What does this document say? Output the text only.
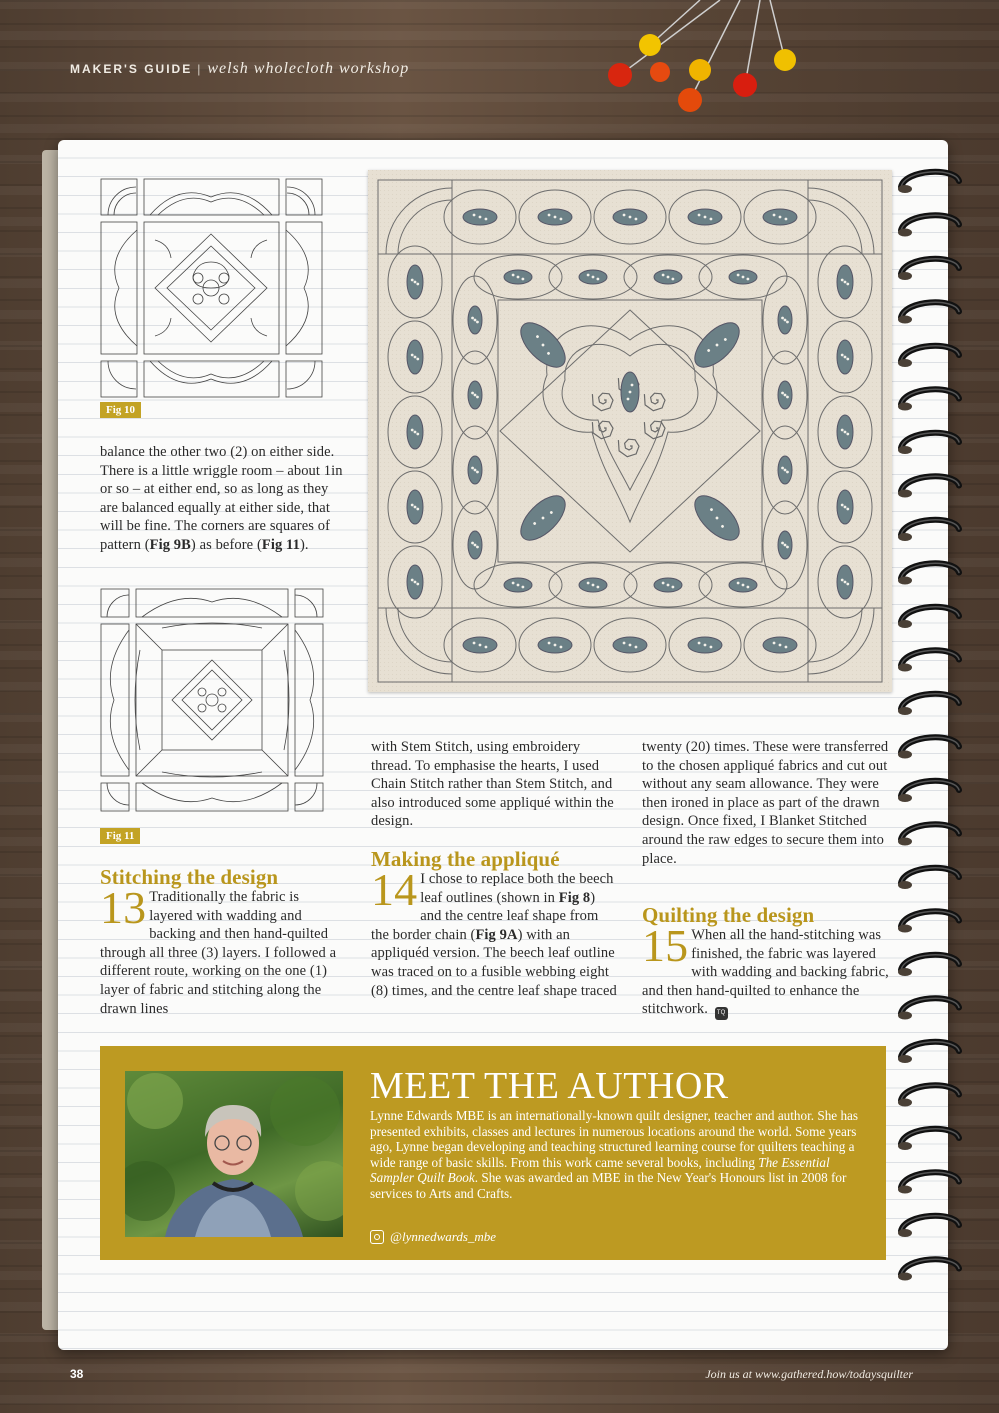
MAKER'S GUIDE | welsh wholecloth workshop
Fig 10
balance the other two (2) on either side. There is a little wriggle room – about 1in or so – at either end, so as long as they are balanced equally at either side, that will be fine. The corners are squares of pattern (Fig 9B) as before (Fig 11).
Fig 11
Stitching the design
13 Traditionally the fabric is layered with wadding and backing and then hand-quilted through all three (3) layers. I followed a different route, working on the one (1) layer of fabric and stitching along the drawn lines
with Stem Stitch, using embroidery thread. To emphasise the hearts, I used Chain Stitch rather than Stem Stitch, and also introduced some appliqué within the design.
Making the appliqué
14 I chose to replace both the beech leaf outlines (shown in Fig 8) and the centre leaf shape from the border chain (Fig 9A) with an appliquéd version. The beech leaf outline was traced on to a fusible webbing eight (8) times, and the centre leaf shape traced
twenty (20) times. These were transferred to the chosen appliqué fabrics and cut out without any seam allowance. They were then ironed in place as part of the drawn design. Once fixed, I Blanket Stitched around the raw edges to secure them into place.
Quilting the design
15 When all the hand-stitching was finished, the fabric was layered with wadding and backing fabric, and then hand-quilted to enhance the stitchwork. TQ
MEET THE AUTHOR
Lynne Edwards MBE is an internationally-known quilt designer, teacher and author. She has presented exhibits, classes and lectures in numerous locations around the world. Some years ago, Lynne began developing and teaching structured learning course for quilters teaching a wide range of basic skills. From this work came several books, including The Essential Sampler Quilt Book. She was awarded an MBE in the New Year's Honours list in 2008 for services to Arts and Crafts.
@lynnedwards_mbe
38	Join us at www.gathered.how/todaysquilter
